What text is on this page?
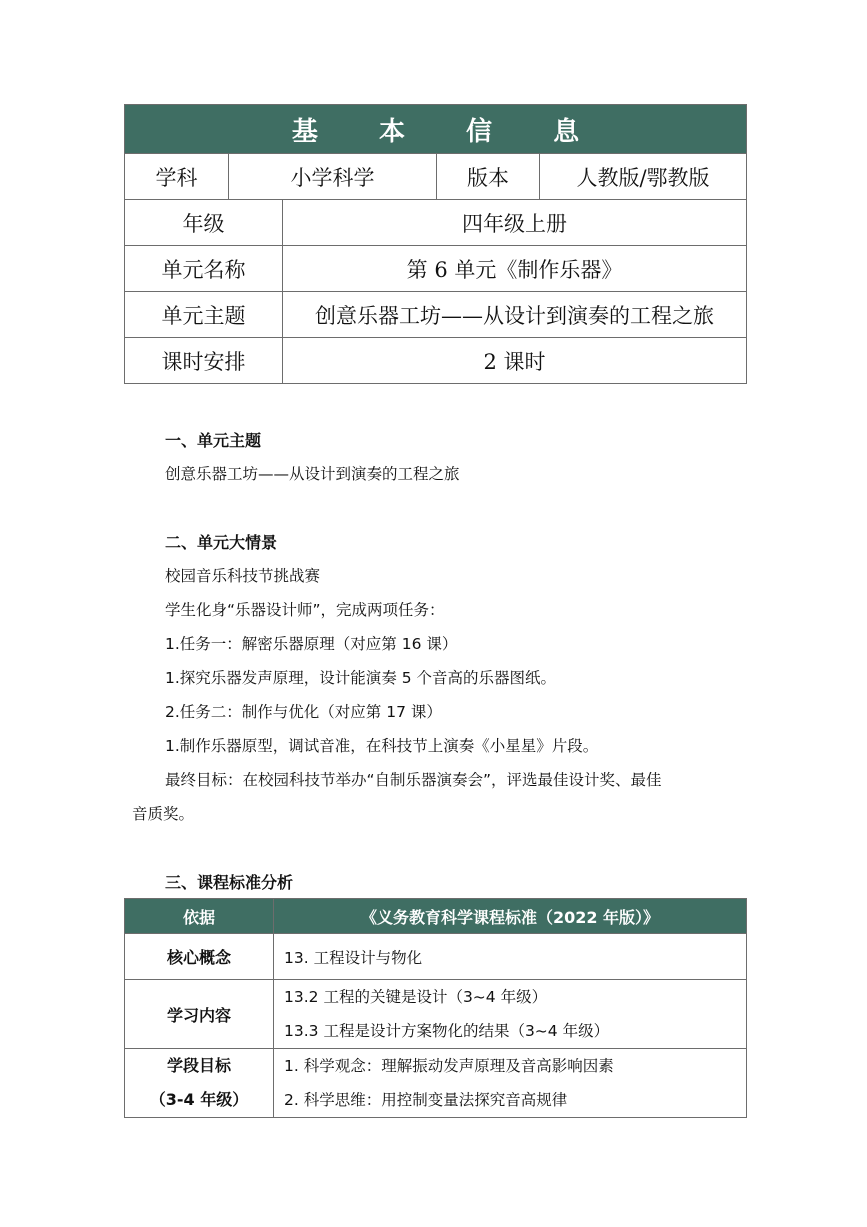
基 本 信 息				
学科	小学科学		版本	人教版/鄂教版
年级		四年级上册		
单元名称		第 6 单元《制作乐器》		
单元主题		创意乐器工坊——从设计到演奏的工程之旅		
课时安排		2 课时		
一、单元主题
创意乐器工坊——从设计到演奏的工程之旅
二、单元大情景
校园音乐科技节挑战赛
学生化身“乐器设计师”，完成两项任务：
1.任务一：解密乐器原理（对应第 16 课）
1.探究乐器发声原理，设计能演奏 5 个音高的乐器图纸。
2.任务二：制作与优化（对应第 17 课）
1.制作乐器原型，调试音准，在科技节上演奏《小星星》片段。
最终目标：在校园科技节举办“自制乐器演奏会”，评选最佳设计奖、最佳
音质奖。
三、课程标准分析
依据	《义务教育科学课程标准（2022 年版）》
核心概念	13. 工程设计与物化
学习内容	13.2 工程的关键是设计（3~4 年级）
13.3 工程是设计方案物化的结果（3~4 年级）

学段目标
（3-4 年级）	1. 科学观念：理解振动发声原理及音高影响因素
2. 科学思维：用控制变量法探究音高规律
